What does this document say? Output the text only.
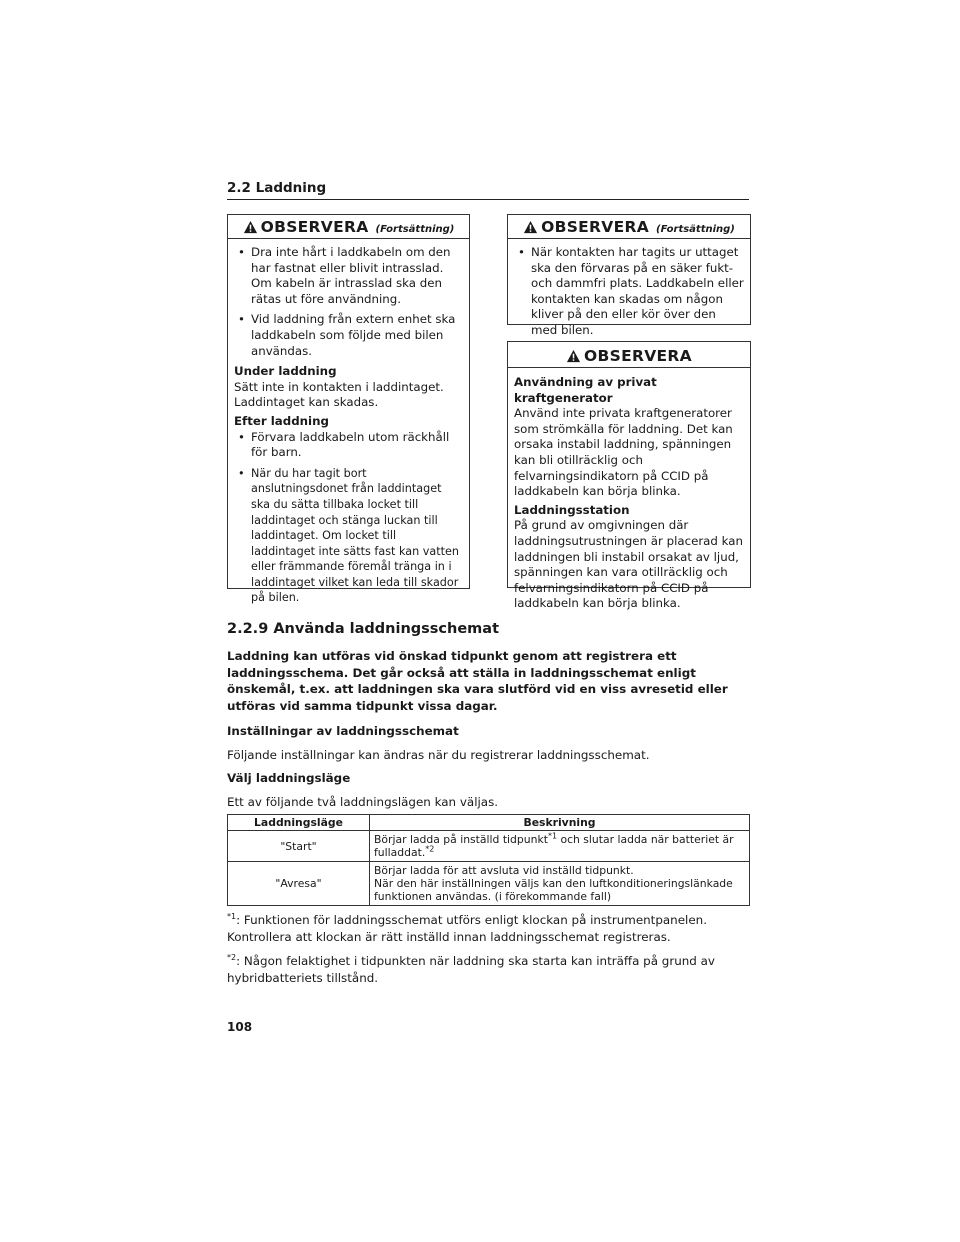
2.2 Laddning
OBSERVERA (Fortsättning)
• Dra inte hårt i laddkabeln om den har fastnat eller blivit intrasslad. Om kabeln är intrasslad ska den rätas ut före användning.
• Vid laddning från extern enhet ska laddkabeln som följde med bilen användas.
Under laddning
Sätt inte in kontakten i laddintaget. Laddintaget kan skadas.
Efter laddning
• Förvara laddkabeln utom räckhåll för barn.
• När du har tagit bort anslutningsdonet från laddintaget ska du sätta tillbaka locket till laddintaget och stänga luckan till laddintaget. Om locket till laddintaget inte sätts fast kan vatten eller främmande föremål tränga in i laddintaget vilket kan leda till skador på bilen.
OBSERVERA (Fortsättning)
• När kontakten har tagits ur uttaget ska den förvaras på en säker fukt- och dammfri plats. Laddkabeln eller kontakten kan skadas om någon kliver på den eller kör över den med bilen.
OBSERVERA
Användning av privat kraftgenerator
Använd inte privata kraftgeneratorer som strömkälla för laddning. Det kan orsaka instabil laddning, spänningen kan bli otillräcklig och felvarningsindikatorn på CCID på laddkabeln kan börja blinka.
Laddningsstation
På grund av omgivningen där laddningsutrustningen är placerad kan laddningen bli instabil orsakat av ljud, spänningen kan vara otillräcklig och felvarningsindikatorn på CCID på laddkabeln kan börja blinka.
2.2.9 Använda laddningsschemat
Laddning kan utföras vid önskad tidpunkt genom att registrera ett laddningsschema. Det går också att ställa in laddningsschemat enligt önskemål, t.ex. att laddningen ska vara slutförd vid en viss avresetid eller utföras vid samma tidpunkt vissa dagar.
Inställningar av laddningsschemat
Följande inställningar kan ändras när du registrerar laddningsschemat.
Välj laddningsläge
Ett av följande två laddningslägen kan väljas.
Laddningsläge	Beskrivning
"Start"	Börjar ladda på inställd tidpunkt$^{*1}$ och slutar ladda när batteriet är fulladdat.$^{*2}$
"Avresa"	Börjar ladda för att avsluta vid inställd tidpunkt.
När den här inställningen väljs kan den luftkonditioneringslänkade funktionen användas. (i förekommande fall)
$^{*1}$: Funktionen för laddningsschemat utförs enligt klockan på instrumentpanelen. Kontrollera att klockan är rätt inställd innan laddningsschemat registreras.
$^{*2}$: Någon felaktighet i tidpunkten när laddning ska starta kan inträffa på grund av hybridbatteriets tillstånd.
108
